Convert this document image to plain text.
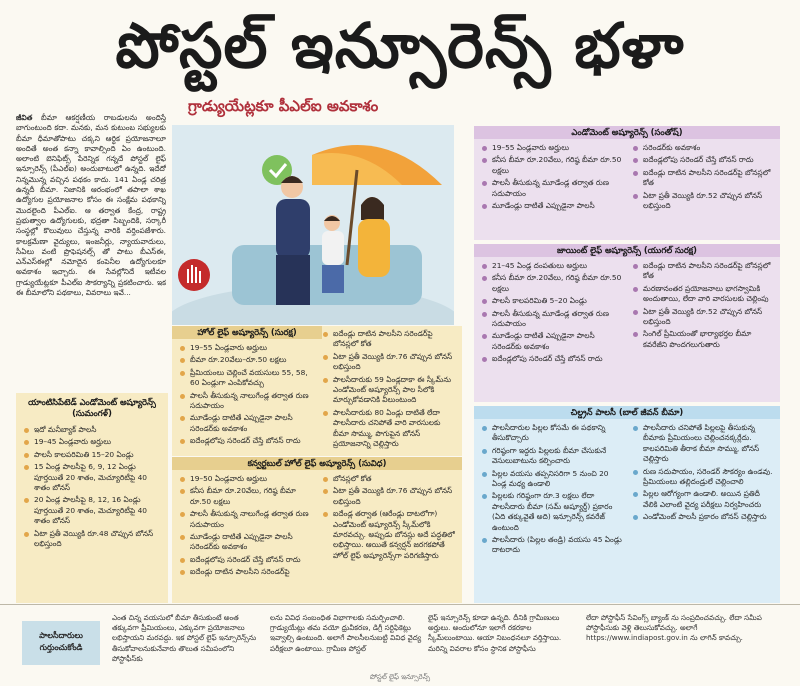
పోస్టల్ ఇన్సూరెన్స్ భళా
గ్రాడ్యుయేట్లకూ పీఎల్ఐ అవకాశం

జీవిత బీమా ఆకర్షణీయ రాబడులను అందిస్తే బాగుంటుంది కదా. మనకు, మన కుటుంబ సభ్యులకు బీమా ధీమాతోపాటు చక్కని ఆర్థిక ప్రయోజనాలూ అందితే అంత కన్నా కావాల్సింది ఏం ఉంటుంది. అలాంటి బెనిఫిట్స్ పేరెన్నిక గన్నదే పోస్టల్ లైఫ్ ఇన్సూరెన్స్ (పీఎల్ఐ) అందుబాటులో ఉన్నది. ఇదేదో నిన్నమొన్న వచ్చిన పథకం కాదు. 141 ఏండ్ల చరిత్ర ఉన్నదీ బీమా. నిజానికి ఆరంభంలో తపాలా శాఖ ఉద్యోగుల ప్రయోజనాల కోసం ఈ సంక్షేమ పథకాన్ని మొదలైంది పీఎల్ఐ. ఆ తర్వాత కేంద్ర, రాష్ట్ర ప్రభుత్వాల ఉద్యోగులకు, భద్రతా సిబ్బందికి, సర్కారీ సంస్థల్లో కొలువులు చేస్తున్న వారికి వర్తింపజేశారు. కాలక్రమేణా వైద్యులు, ఇంజనీర్లు, న్యాయవాదులు, సీఏలు వంటి ప్రొఫెషనల్స్ తో పాటు బీఎస్ఈ, ఎన్ఎస్ఈల్లో నమోదైన కంపెనీల ఉద్యోగులకూ అవకాశం ఇచ్చారు. ఈ సేవల్లోనిదే ఇటీవల గ్రాడ్యుయేట్లకూ పీఎల్ఐ సౌకర్యాన్ని ప్రకటించారు. ఇక ఈ బీమాలోని పథకాలు, వివరాలు ఇవే...

యాంటిసిపేటెడ్ ఎండోమెంట్ అష్యూరెన్స్ (సుమంగళ్)
ఇదో మనీబ్యాక్ పాలసీ
19–45 ఏండ్లవారు అర్హులు
పాలసీ కాలపరిమితి 15–20 ఏండ్లు
15 ఏండ్ల పాలసీపై 6, 9, 12 ఏండ్లు పూర్తయితే 20 శాతం, మెచ్యూరిటీపై 40 శాతం బోనస్
20 ఏండ్ల పాలసీపై 8, 12, 16 ఏండ్లు పూర్తయితే 20 శాతం, మెచ్యూరిటీపై 40 శాతం బోనస్
ఏటా ప్రతీ వెయ్యికి రూ.48 చొప్పున బోనస్ లభిస్తుంది
హోల్ లైఫ్ అష్యూరెన్స్ (సురక్ష)
19–55 ఏండ్లవారు అర్హులు
బీమా రూ.20వేలు–రూ.50 లక్షలు
ప్రీమియంలు చెల్లించే వయసులు 55, 58, 60 ఏండ్లుగా ఎంపికోవచ్చు
పాలసీ తీసుకున్న నాలుగేండ్ల తర్వాత రుణ సదుపాయం
మూడేండ్లు దాటితే ఎప్పుడైనా పాలసీ సరెండర్‌కు అవకాశం
ఐదేండ్లలోపు సరెండర్ చేస్తే బోనస్ రాదు
ఐదేండ్లు దాటిన పాలసీని సరెండర్‌పై బోనస్లలో కోత
ఏటా ప్రతీ వెయ్యికి రూ.76 చొప్పున బోనస్ లభిస్తుంది
పాలసీదారుకు 59 ఏండ్లదాకా ఈ స్కీమ్‌ను ఎండోమెంట్ అష్యూరెన్స్ పాల సీలోకి మార్చుకోవడానికి వీలుంటుంది
పాలసీదారుకు 80 ఏండ్లు దాటితే లేదా పాలసీదారు చనిపోతే వారి వారసులకు బీమా సొమ్ము, పొగుపైన బోనస్ ప్రయోజనాన్ని చెల్లిస్తారు
కన్వర్టబుల్ హోల్ లైఫ్ అష్యూరెన్స్ (సువిధ)
19–50 ఏండ్లవారు అర్హులు
కనీస బీమా రూ.20వేలు, గరిష్ఠ బీమా రూ.50 లక్షలు
పాలసీ తీసుకున్న నాలుగేండ్ల తర్వాత రుణ సదుపాయం
మూడేండ్లు దాటితే ఎప్పుడైనా పాలసీ సరెండర్‌కు అవకాశం
ఐదేండ్లలోపు సరెండర్ చేస్తే బోనస్ రాదు
ఐదేండ్లు దాటిన పాలసీని సరెండర్‌పై
బోనస్లలో కోత
ఏటా ప్రతీ వెయ్యికి రూ.76 చొప్పున బోనస్ లభిస్తుంది
ఐదేండ్ల తర్వాత (ఆరేండ్లు దాటలోగా) ఎండోమెంట్ అష్యూరెన్స్ స్కీమ్‌లోకి మారవచ్చు. అప్పుడు బోనస్లు అదే పద్ధతిలో లభిస్తాయి. ఆయితే కన్వర్షన్ జరగకపోతే హోల్ లైఫ్ అష్యూరెన్స్‌గా పరిగణిస్తారు
ఎండోమెంట్ అష్యూరెన్స్ (సంతోష్)
19–55 ఏండ్లవారు అర్హులు
కనీస బీమా రూ.20వేలు, గరిష్ఠ బీమా రూ.50 లక్షలు
పాలసీ తీసుకున్న మూడేండ్ల తర్వాత రుణ సదుపాయం
మూడేండ్లు దాటితే ఎప్పుడైనా పాలసీ
సరెండర్‌కు అవకాశం
ఐదేండ్లలోపు సరెండర్ చేస్తే బోనస్ రాదు
ఐదేండ్లు దాటిన పాలసీని సరెండర్‌పై బోనస్లలో కోత
ఏటా ప్రతీ వెయ్యికి రూ.52 చొప్పున బోనస్ లభిస్తుంది
జాయింట్ లైఫ్ అష్యూరెన్స్ (యుగల్ సురక్ష)
21–45 ఏండ్ల దంపతులు అర్హులు
కనీస బీమా రూ.20వేలు, గరిష్ఠ బీమా రూ.50 లక్షలు
పాలసీ కాలపరిమితి 5–20 ఏండ్లు
పాలసీ తీసుకున్న మూడేండ్ల తర్వాత రుణ సదుపాయం
మూడేండ్లు దాటితే ఎప్పుడైనా పాలసీ సరెండర్‌కు అవకాశం
ఐదేండ్లలోపు సరెండర్ చేస్తే బోనస్ రాదు
ఐదేండ్లు దాటిన పాలసీని సరెండర్‌పై బోనస్లలో కోత
మరణానంతర ప్రయోజనాలు భాగస్వామికి అందుతాయి, లేదా వారి వారసులకు చెల్లింపు
ఏటా ప్రతీ వెయ్యికి రూ.52 చొప్పున బోనస్ లభిస్తుంది
సింగిల్ ప్రీమియంతో భార్యాభర్తల బీమా కవరేజీని పొందగలుగుతారు
చిల్డ్రన్ పాలసీ (బాల్ జీవన్ బీమా)
పాలసీదారుల పిల్లల కోసమే ఈ పథకాన్ని తీసుకొచ్చారు
గరిష్ఠంగా ఇద్దరు పిల్లలకు బీమా చేసుకునే వెసులుబాటును కల్పించారు
పిల్లల వయసు తప్పనిసరిగా 5 నుంచి 20 ఏండ్ల మధ్య ఉండాలి
పిల్లలకు గరిష్ఠంగా రూ.3 లక్షలు లేదా పాలసీదారు బీమా (సమ్ అష్యూర్డ్) ప్రకారం (ఏది తక్కువైతే అది) ఇన్సూరెన్స్ కవరేజ్ ఉంటుంది
పాలసీదారు (పిల్లల తండ్రి) వయసు 45 ఏండ్లు దాటరాదు
పాలసీదారు చనిపోతే పిల్లలపై తీసుకున్న బీమాకు ప్రీమియంలు చెల్లించనక్కర్లేదు. కాలపరిమితి తీరాక బీమా సొమ్ము, బోనస్ చెల్లిస్తారు
రుణ సదుపాయం, సరెండర్ సౌకర్యం ఉండవు. ప్రీమియంలు తల్లిదండ్రులే చెల్లించాలి
పిల్లల ఆరోగ్యంగా ఉండాలి. అయిన ప్రతిదీ వేలికి ఎలాంటి వైద్య పరీక్షలు నిర్వహించరు
ఎండోమెంట్ పాలసీ ప్రకారం బోనస్ చెల్లిస్తారు
పాలసీదారులు గుర్తుంచుకోండి
ఎంత చిన్న వయసులో బీమా తీసుకుంటే అంత తక్కువగా ప్రీమియంలు, ఎక్కువగా ప్రయోజనాలు లభిస్తాయని మరవద్దు. ఇక పోస్టల్ లైఫ్ ఇన్సూరెన్స్‌ను తీసుకోవాలనుకునేవారు తొలుత సమీపంలోని పోస్టాఫీస్‌కు
లను వివిధ సంబంధిత విభాగాలకు సమర్పించాలి. గ్రాడ్యుయేట్లు తమ వయో ధ్రువీకరణ, డిగ్రీ సర్టిఫికెట్లు ఇవ్వాల్సి ఉంటుంది. అలాగే పాలసీలనుబట్టి వివిధ వైద్య పరీక్షలూ ఉంటాయి. గ్రామీణ పోస్టల్
లైఫ్ ఇన్సూరెన్స్ కూడా ఉన్నది. దీనికి గ్రామీణులు అర్హులు. అందులోనూ ఇలాగే రకరకాల స్కీమ్‌లుంటాయి. ఆయా నిబంధనలూ వర్తిస్తాయి. మరిన్ని వివరాల కోసం స్థానిక పోస్టాఫీసు
లేదా పోస్టాఫీస్ సేవింగ్స్ బ్యాంక్ ను సంప్రదించవచ్చు. లేదా సమీప పోస్టాఫీసుకు వెళ్లి తెలుసుకోవచ్చు. అలాగే https://www.indiapost.gov.in ను లాగిన్ కావచ్చు.
పోస్టల్ లైఫ్ ఇన్సూరెన్స్
